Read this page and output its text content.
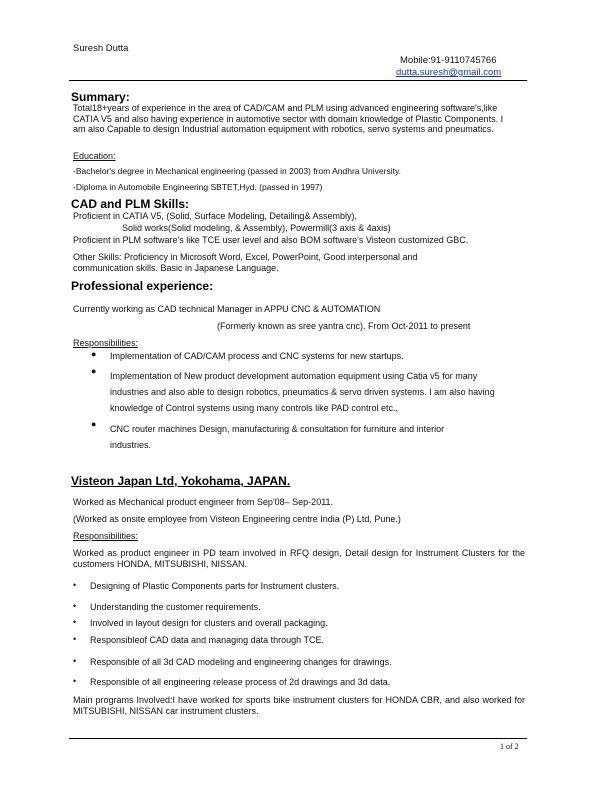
Suresh Dutta
Mobile:91-9110745766
dutta.suresh@gmail.com
Summary:
Total18+years of experience in the area of CAD/CAM and PLM using advanced engineering software's,like CATIA V5 and also having experience in automotive sector with domain knowledge of Plastic Components. I am also Capable to design Industrial automation equipment with robotics, servo systems and pneumatics.
Education:
-Bachelor's degree in Mechanical engineering (passed in 2003) from Andhra University.
-Diploma in Automobile Engineering SBTET,Hyd. (passed in 1997)
CAD and PLM Skills:
Proficient in CATIA V5, (Solid, Surface Modeling, Detailing& Assembly),
Solid works(Solid modeling, & Assembly), Powermill(3 axis & 4axis)
Proficient in PLM software's like TCE user level and also BOM software's Visteon customized GBC.
Other Skills: Proficiency in Microsoft Word, Excel, PowerPoint, Good interpersonal and communication skills. Basic in Japanese Language.
Professional experience:
Currently working as CAD technical Manager in APPU CNC & AUTOMATION
(Formerly known as sree yantra cnc). From Oct-2011 to present
Responsibilities:
● Implementation of CAD/CAM process and CNC systems for new startups.
● Implementation of New product development automation equipment using Catia v5 for many industries and also able to design robotics, pneumatics & servo driven systems. I am also having knowledge of Control systems using many controls like PAD control etc.,
● CNC router machines Design, manufacturing & consultation for furniture and interior industries.
Visteon Japan Ltd, Yokohama, JAPAN.
Worked as Mechanical product engineer from Sep'08– Sep-2011.
(Worked as onsite employee from Visteon Engineering centre India (P) Ltd, Pune.)
Responsibilities:
Worked as product engineer in PD team involved in RFQ design, Detail design for Instrument Clusters for the customers HONDA, MITSUBISHI, NISSAN.
• Designing of Plastic Components parts for Instrument clusters.
• Understanding the customer requirements.
• Involved in layout design for clusters and overall packaging.
• Responsibleof CAD data and managing data through TCE.
• Responsible of all 3d CAD modeling and engineering changes for drawings.
• Responsible of all engineering release process of 2d drawings and 3d data.
Main programs Involved:I have worked for sports bike instrument clusters for HONDA CBR, and also worked for MITSUBISHI, NISSAN car instrument clusters.
1 of 2
